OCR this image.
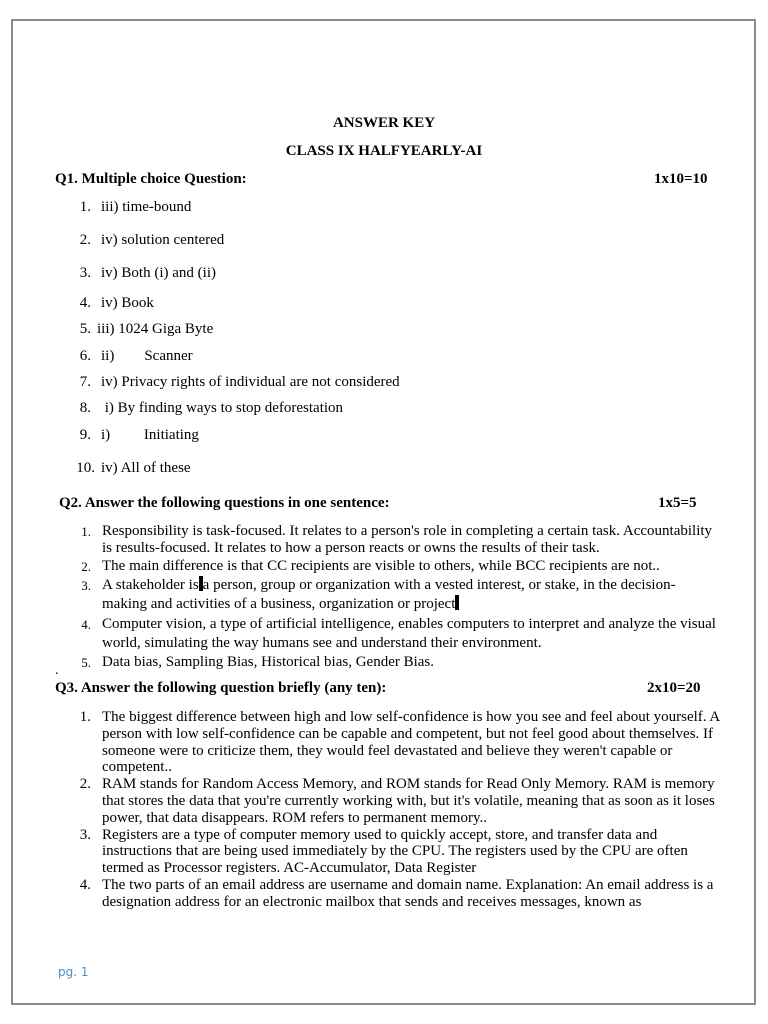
ANSWER KEY
CLASS IX HALFYEARLY-AI
Q1. Multiple choice Question:	1x10=10
1. iii) time-bound
2. iv) solution centered
3. iv) Both (i) and (ii)
4. iv) Book
5. iii) 1024 Giga Byte
6. ii)        Scanner
7. iv) Privacy rights of individual are not considered
8. i) By finding ways to stop deforestation
9. i)         Initiating
10. iv) All of these
Q2. Answer the following questions in one sentence:	1x5=5
1. Responsibility is task-focused. It relates to a person's role in completing a certain task. Accountability is results-focused. It relates to how a person reacts or owns the results of their task.
2. The main difference is that CC recipients are visible to others, while BCC recipients are not..
3. A stakeholder is a person, group or organization with a vested interest, or stake, in the decision-making and activities of a business, organization or project
4. Computer vision, a type of artificial intelligence, enables computers to interpret and analyze the visual world, simulating the way humans see and understand their environment.
5. Data bias, Sampling Bias, Historical bias, Gender Bias.
.
Q3. Answer the following question briefly (any ten):	2x10=20
1. The biggest difference between high and low self-confidence is how you see and feel about yourself. A person with low self-confidence can be capable and competent, but not feel good about themselves. If someone were to criticize them, they would feel devastated and believe they weren't capable or competent..
2. RAM stands for Random Access Memory, and ROM stands for Read Only Memory. RAM is memory that stores the data that you're currently working with, but it's volatile, meaning that as soon as it loses power, that data disappears. ROM refers to permanent memory..
3. Registers are a type of computer memory used to quickly accept, store, and transfer data and instructions that are being used immediately by the CPU. The registers used by the CPU are often termed as Processor registers. AC-Accumulator, Data Register
4. The two parts of an email address are username and domain name. Explanation: An email address is a designation address for an electronic mailbox that sends and receives messages, known as
pg. 1
